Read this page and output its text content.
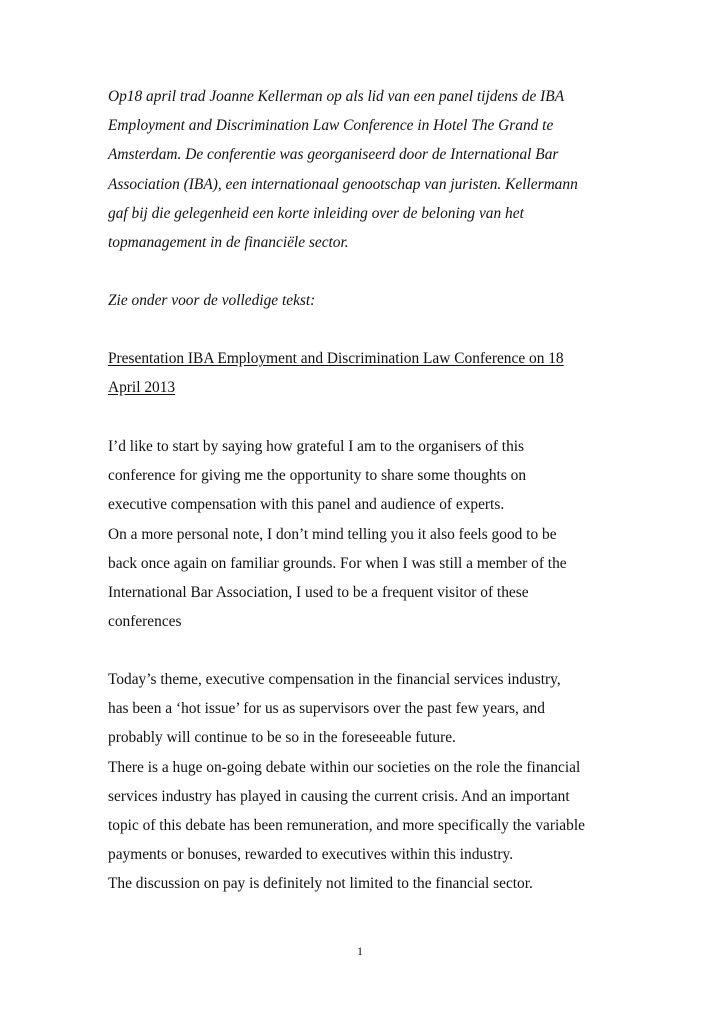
Op18 april trad Joanne Kellerman op als lid van een panel tijdens de IBA
Employment and Discrimination Law Conference in Hotel The Grand te
Amsterdam. De conferentie was georganiseerd door de International Bar
Association (IBA), een internationaal genootschap van juristen. Kellermann
gaf bij die gelegenheid een korte inleiding over de beloning van het
topmanagement in de financiële sector.

Zie onder voor de volledige tekst:

Presentation IBA Employment and Discrimination Law Conference on 18
April 2013

I’d like to start by saying how grateful I am to the organisers of this
conference for giving me the opportunity to share some thoughts on
executive compensation with this panel and audience of experts.
On a more personal note, I don’t mind telling you it also feels good to be
back once again on familiar grounds. For when I was still a member of the
International Bar Association, I used to be a frequent visitor of these
conferences

Today’s theme, executive compensation in the financial services industry,
has been a ‘hot issue’ for us as supervisors over the past few years, and
probably will continue to be so in the foreseeable future.
There is a huge on-going debate within our societies on the role the financial
services industry has played in causing the current crisis. And an important
topic of this debate has been remuneration, and more specifically the variable
payments or bonuses, rewarded to executives within this industry.
The discussion on pay is definitely not limited to the financial sector.

1
